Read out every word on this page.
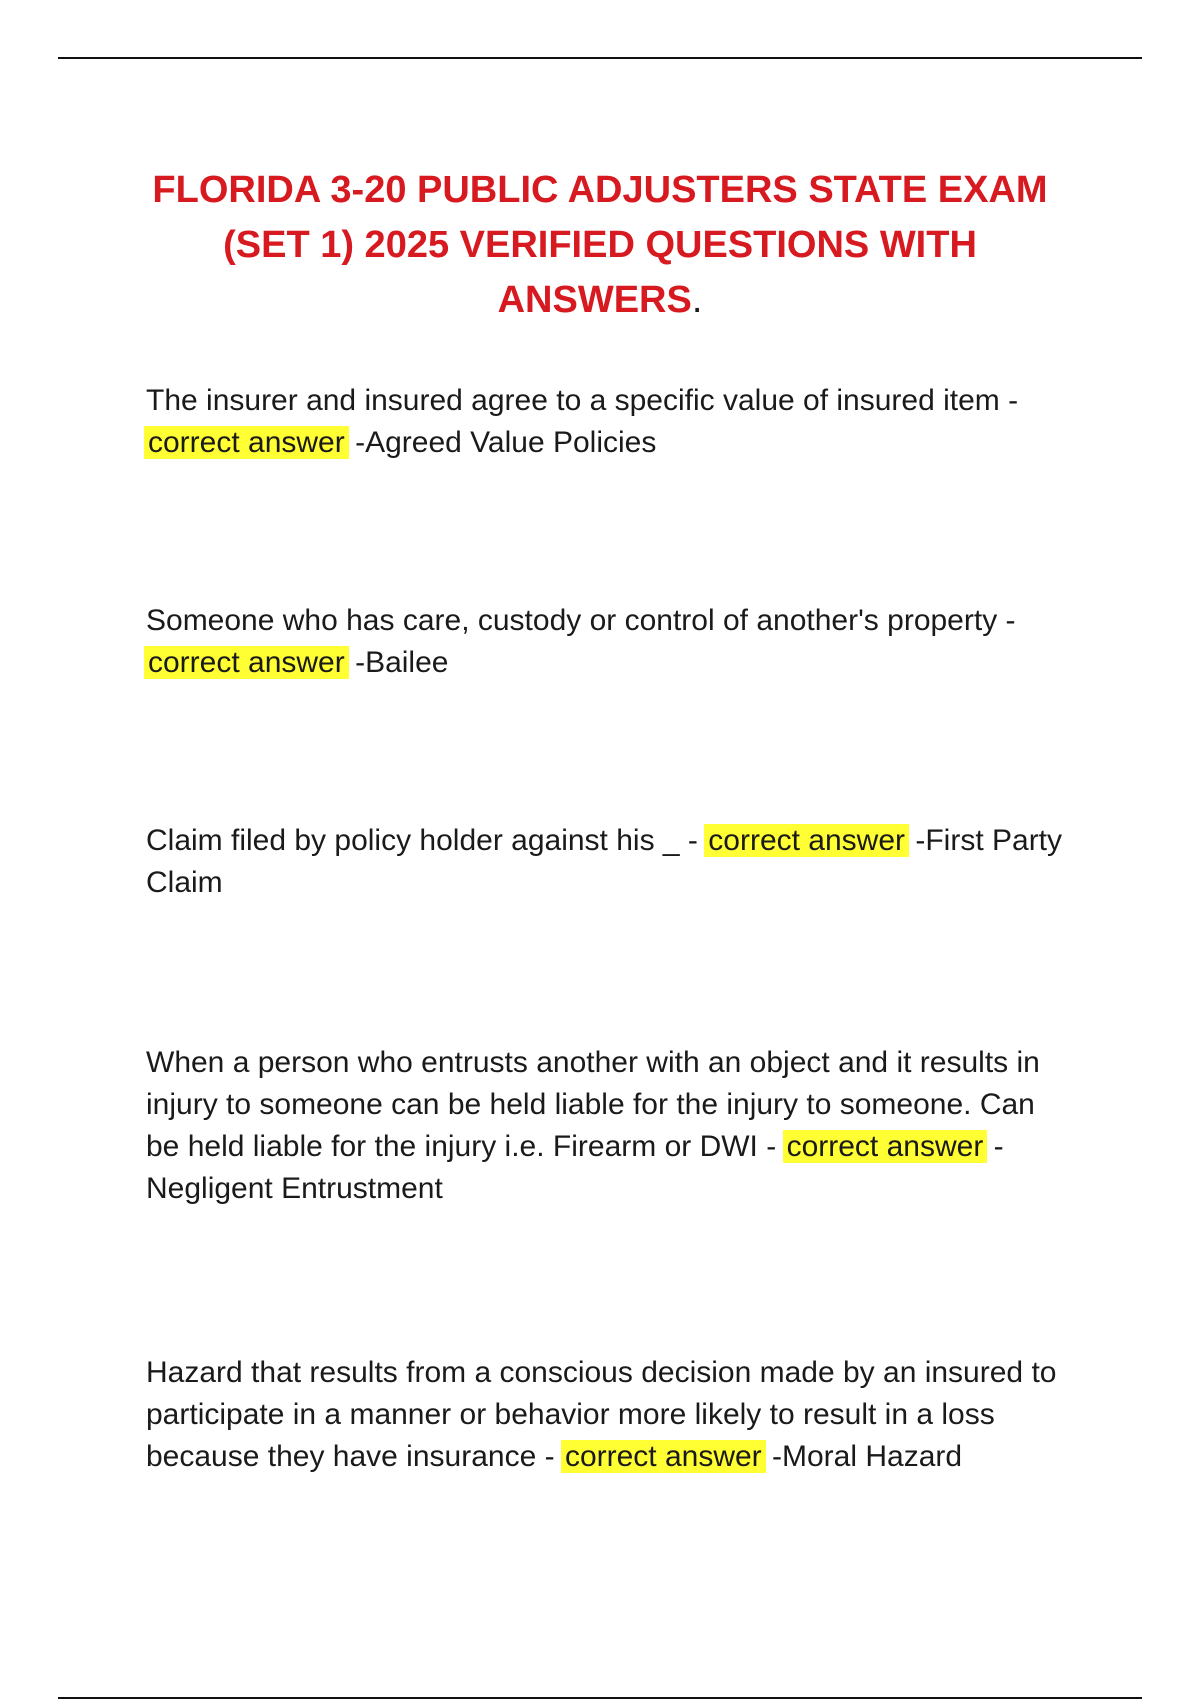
FLORIDA 3-20 PUBLIC ADJUSTERS STATE EXAM (SET 1) 2025 VERIFIED QUESTIONS WITH ANSWERS.

The insurer and insured agree to a specific value of insured item - correct answer -Agreed Value Policies

Someone who has care, custody or control of another's property - correct answer -Bailee

Claim filed by policy holder against his _ - correct answer -First Party Claim

When a person who entrusts another with an object and it results in injury to someone can be held liable for the injury to someone. Can be held liable for the injury i.e. Firearm or DWI - correct answer -Negligent Entrustment

Hazard that results from a conscious decision made by an insured to participate in a manner or behavior more likely to result in a loss because they have insurance - correct answer -Moral Hazard
